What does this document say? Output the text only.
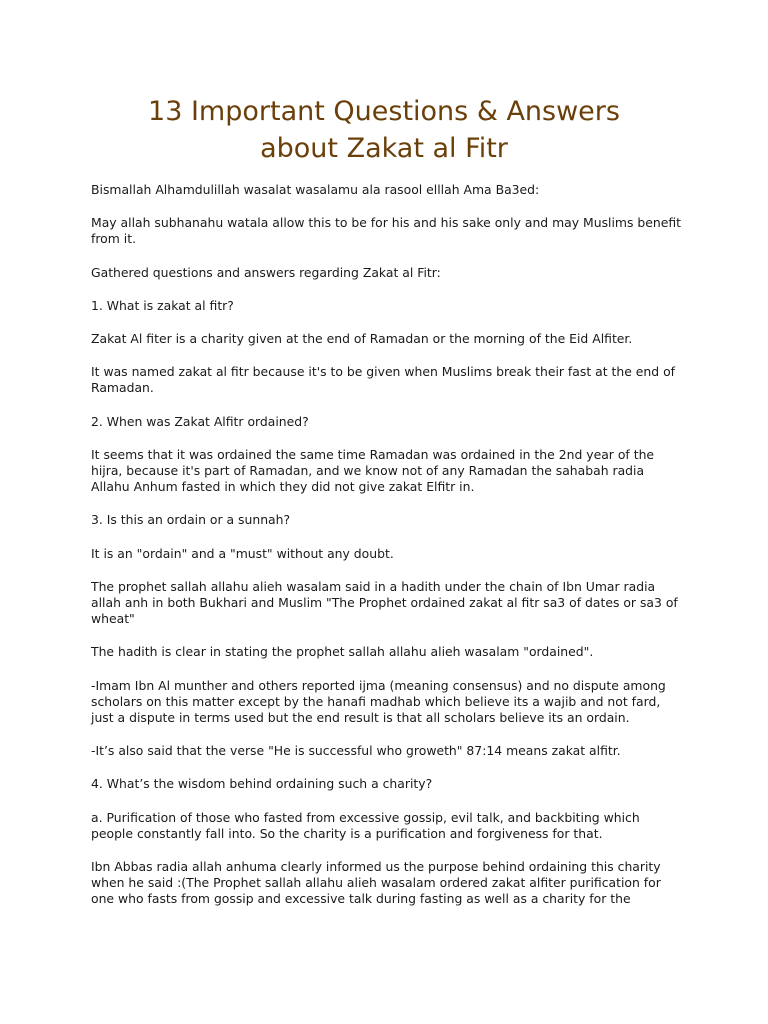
13 Important Questions & Answers
about Zakat al Fitr

Bismallah Alhamdulillah wasalat wasalamu ala rasool elllah Ama Ba3ed:

May allah subhanahu watala allow this to be for his and his sake only and may Muslims benefit from it.

Gathered questions and answers regarding Zakat al Fitr:

1. What is zakat al fitr?

Zakat Al fiter is a charity given at the end of Ramadan or the morning of the Eid Alfiter.

It was named zakat al fitr because it's to be given when Muslims break their fast at the end of Ramadan.

2. When was Zakat Alfitr ordained?

It seems that it was ordained the same time Ramadan was ordained in the 2nd year of the hijra, because it's part of Ramadan, and we know not of any Ramadan the sahabah radia Allahu Anhum fasted in which they did not give zakat Elfitr in.

3. Is this an ordain or a sunnah?

It is an "ordain" and a "must" without any doubt.

The prophet sallah allahu alieh wasalam said in a hadith under the chain of Ibn Umar radia allah anh in both Bukhari and Muslim "The Prophet ordained zakat al fitr sa3 of dates or sa3 of wheat"

The hadith is clear in stating the prophet sallah allahu alieh wasalam "ordained".

-Imam Ibn Al munther and others reported ijma (meaning consensus) and no dispute among scholars on this matter except by the hanafi madhab which believe its a wajib and not fard, just a dispute in terms used but the end result is that all scholars believe its an ordain.

-It’s also said that the verse "He is successful who groweth" 87:14 means zakat alfitr.

4. What’s the wisdom behind ordaining such a charity?

a. Purification of those who fasted from excessive gossip, evil talk, and backbiting which people constantly fall into. So the charity is a purification and forgiveness for that.

Ibn Abbas radia allah anhuma clearly informed us the purpose behind ordaining this charity when he said :(The Prophet sallah allahu alieh wasalam ordered zakat alfiter purification for one who fasts from gossip and excessive talk during fasting as well as a charity for the
